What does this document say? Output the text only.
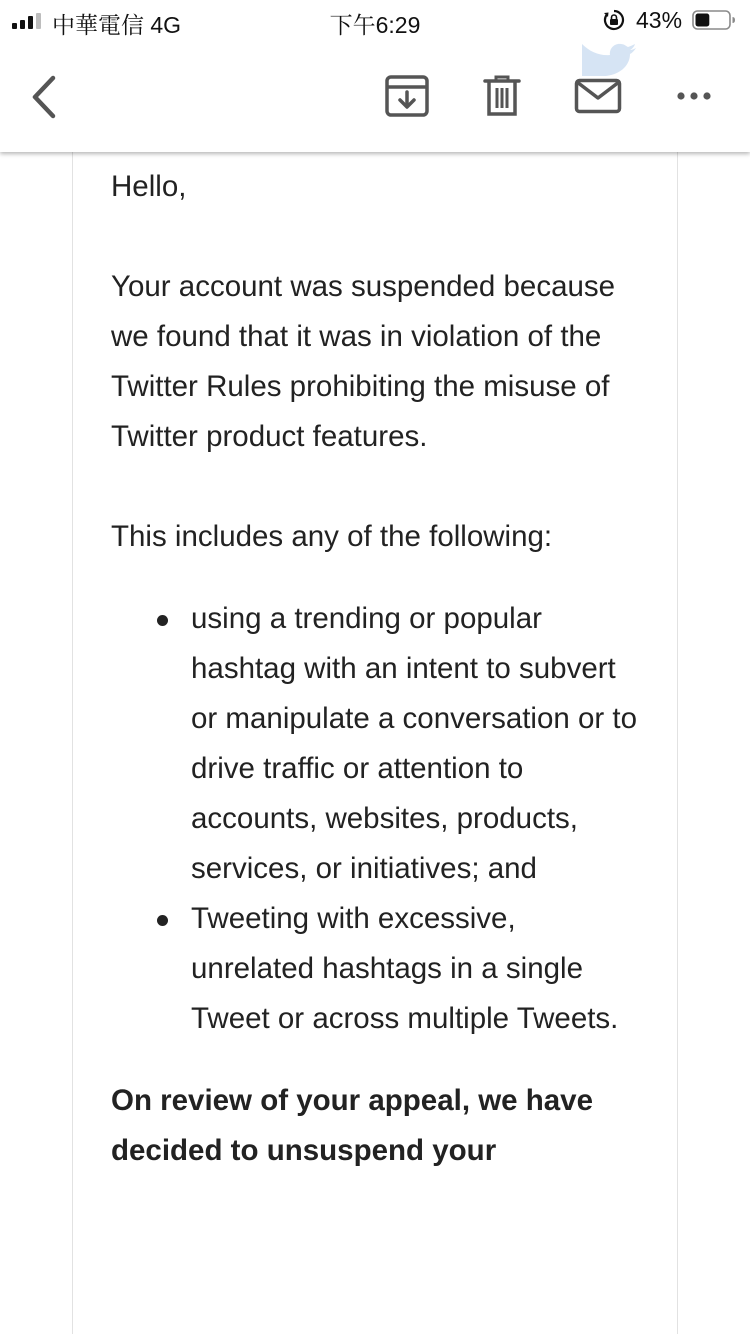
中華電信 4G	下午6:29	43%

Hello,

Your account was suspended because we found that it was in violation of the Twitter Rules prohibiting the misuse of Twitter product features.

This includes any of the following:

using a trending or popular hashtag with an intent to subvert or manipulate a conversation or to drive traffic or attention to accounts, websites, products, services, or initiatives; and
Tweeting with excessive, unrelated hashtags in a single Tweet or across multiple Tweets.

On review of your appeal, we have decided to unsuspend your
